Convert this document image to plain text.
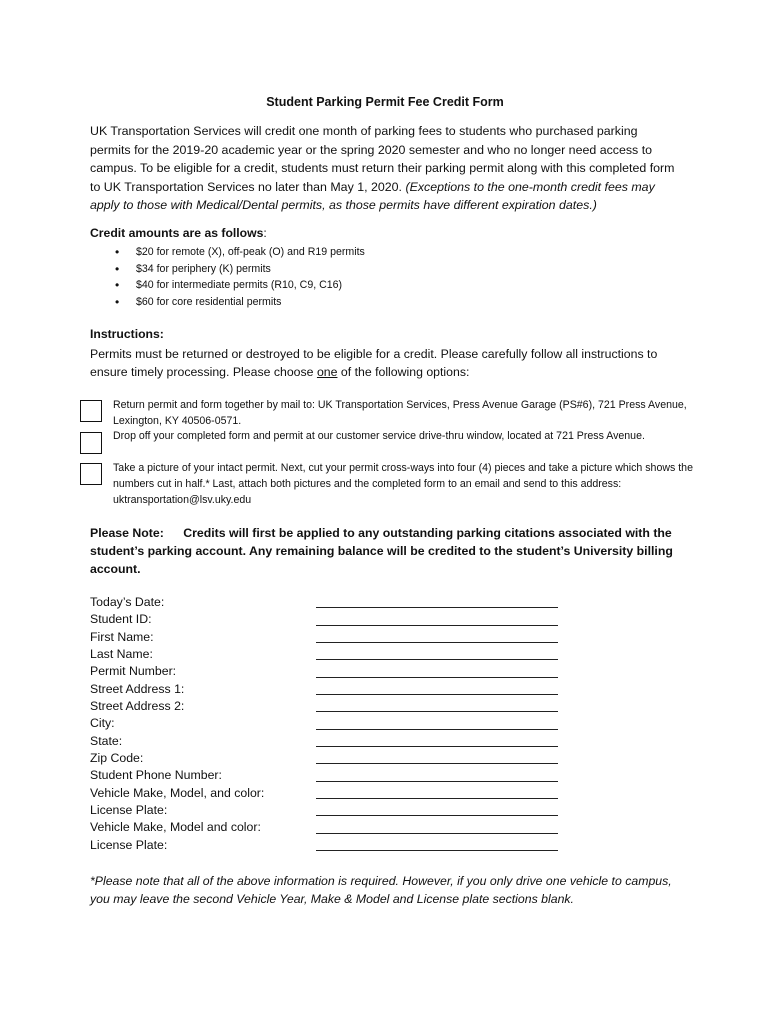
Student Parking Permit Fee Credit Form
UK Transportation Services will credit one month of parking fees to students who purchased parking permits for the 2019-20 academic year or the spring 2020 semester and who no longer need access to campus. To be eligible for a credit, students must return their parking permit along with this completed form to UK Transportation Services no later than May 1, 2020. (Exceptions to the one-month credit fees may apply to those with Medical/Dental permits, as those permits have different expiration dates.)
Credit amounts are as follows:
• $20 for remote (X), off-peak (O) and R19 permits
• $34 for periphery (K) permits
• $40 for intermediate permits (R10, C9, C16)
• $60 for core residential permits
Instructions:
Permits must be returned or destroyed to be eligible for a credit. Please carefully follow all instructions to ensure timely processing. Please choose one of the following options:
Return permit and form together by mail to: UK Transportation Services, Press Avenue Garage (PS#6), 721 Press Avenue, Lexington, KY 40506-0571.
Drop off your completed form and permit at our customer service drive-thru window, located at 721 Press Avenue.
Take a picture of your intact permit. Next, cut your permit cross-ways into four (4) pieces and take a picture which shows the numbers cut in half.* Last, attach both pictures and the completed form to an email and send to this address: uktransportation@lsv.uky.edu
Please Note: Credits will first be applied to any outstanding parking citations associated with the student’s parking account. Any remaining balance will be credited to the student’s University billing account.
Today’s Date:
Student ID:
First Name:
Last Name:
Permit Number:
Street Address 1:
Street Address 2:
City:
State:
Zip Code:
Student Phone Number:
Vehicle Make, Model, and color:
License Plate:
Vehicle Make, Model and color:
License Plate:
*Please note that all of the above information is required. However, if you only drive one vehicle to campus, you may leave the second Vehicle Year, Make & Model and License plate sections blank.
